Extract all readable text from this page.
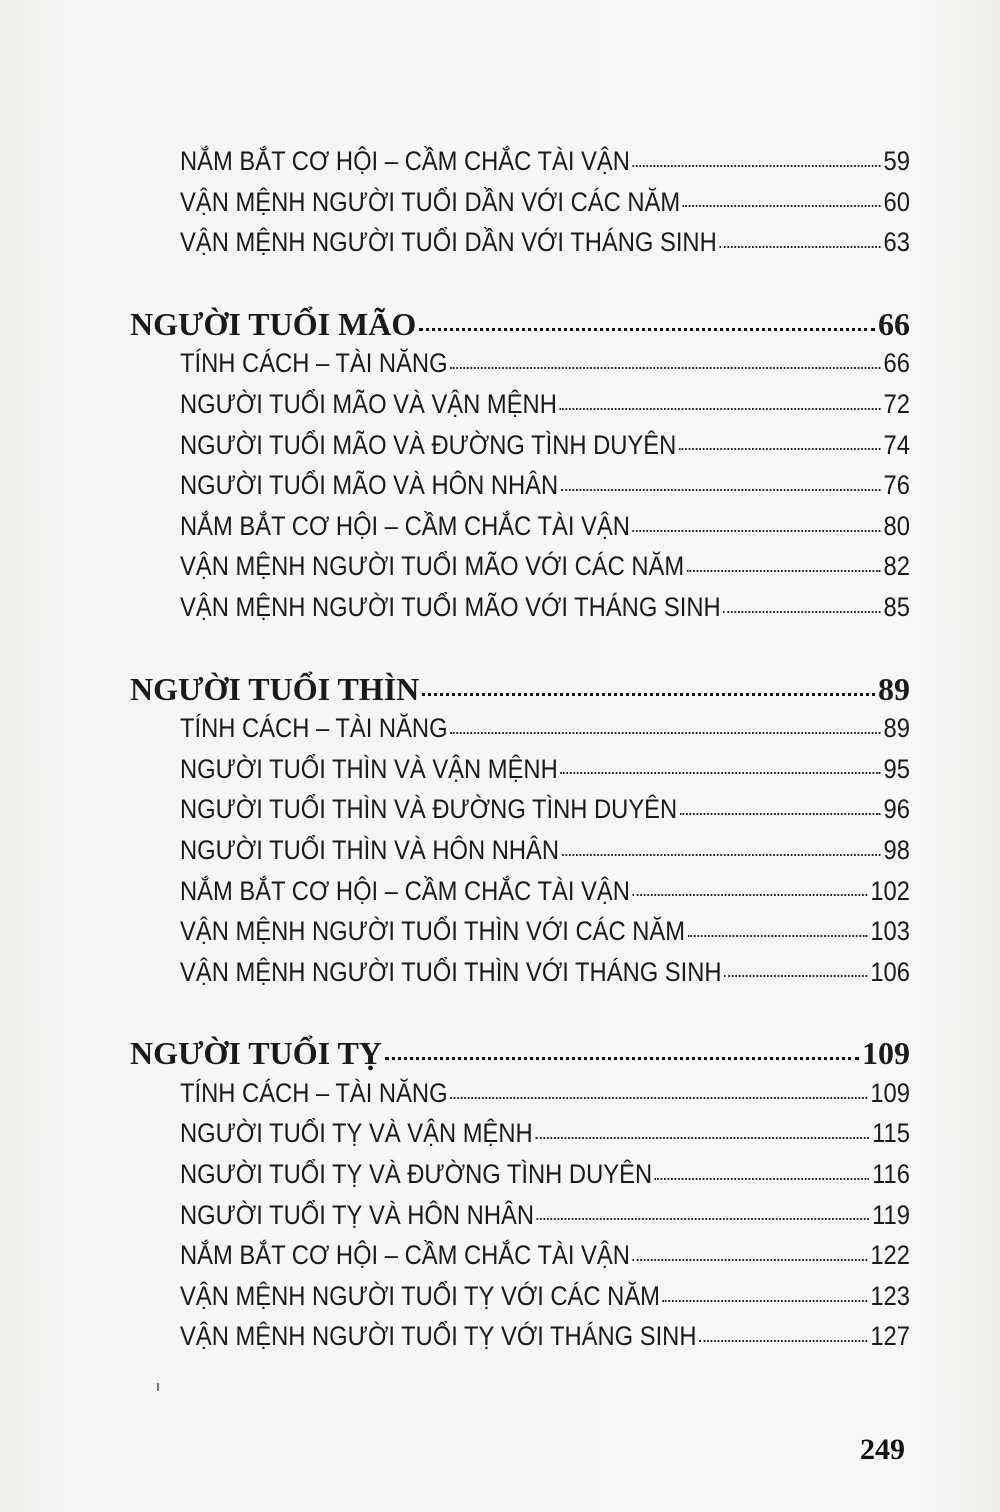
NẮM BẮT CƠ HỘI – CẦM CHẮC TÀI VẬN	59
VẬN MỆNH NGƯỜI TUỔI DẦN VỚI CÁC NĂM	60
VẬN MỆNH NGƯỜI TUỔI DẦN VỚI THÁNG SINH	63
NGƯỜI TUỔI MÃO	66
TÍNH CÁCH – TÀI NĂNG	66
NGƯỜI TUỔI MÃO VÀ VẬN MỆNH	72
NGƯỜI TUỔI MÃO VÀ ĐƯỜNG TÌNH DUYÊN	74
NGƯỜI TUỔI MÃO VÀ HÔN NHÂN	76
NẮM BẮT CƠ HỘI – CẦM CHẮC TÀI VẬN	80
VẬN MỆNH NGƯỜI TUỔI MÃO VỚI CÁC NĂM	82
VẬN MỆNH NGƯỜI TUỔI MÃO VỚI THÁNG SINH	85
NGƯỜI TUỔI THÌN	89
TÍNH CÁCH – TÀI NĂNG	89
NGƯỜI TUỔI THÌN VÀ VẬN MỆNH	95
NGƯỜI TUỔI THÌN VÀ ĐƯỜNG TÌNH DUYÊN	96
NGƯỜI TUỔI THÌN VÀ HÔN NHÂN	98
NẮM BẮT CƠ HỘI – CẦM CHẮC TÀI VẬN	102
VẬN MỆNH NGƯỜI TUỔI THÌN VỚI CÁC NĂM	103
VẬN MỆNH NGƯỜI TUỔI THÌN VỚI THÁNG SINH	106
NGƯỜI TUỔI TỴ	109
TÍNH CÁCH – TÀI NĂNG	109
NGƯỜI TUỔI TỴ VÀ VẬN MỆNH	115
NGƯỜI TUỔI TỴ VÀ ĐƯỜNG TÌNH DUYÊN	116
NGƯỜI TUỔI TỴ VÀ HÔN NHÂN	119
NẮM BẮT CƠ HỘI – CẦM CHẮC TÀI VẬN	122
VẬN MỆNH NGƯỜI TUỔI TỴ VỚI CÁC NĂM	123
VẬN MỆNH NGƯỜI TUỔI TỴ VỚI THÁNG SINH	127
249
